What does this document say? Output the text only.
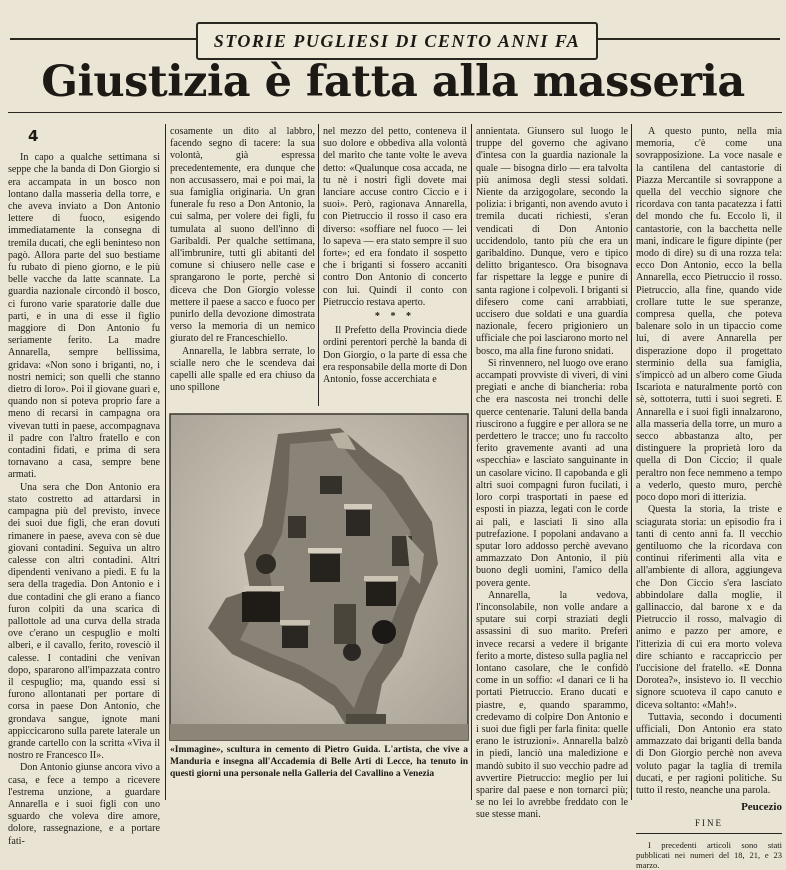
STORIE PUGLIESI DI CENTO ANNI FA
Giustizia è fatta alla masseria

4

In capo a qualche settimana si seppe che la banda di Don Giorgio si era accampata in un bosco non lontano dalla masseria della torre, e che aveva inviato a Don Antonio lettere di fuoco, esigendo immediatamente la consegna di tremila ducati, che egli beninteso non pagò. Allora parte del suo bestiame fu rubato di pieno giorno, e le più belle vacche da latte scannate. La guardia nazionale circondò il bosco, ci furono varie sparatorie dalle due parti, e in una di esse il figlio maggiore di Don Antonio fu seriamente ferito. La madre Annarella, sempre bellissima, gridava: «Non sono i briganti, no, i nostri nemici; son quelli che stanno dietro di loro». Poi il giovane guarì e, quando non si poteva proprio fare a meno di recarsi in campagna ora vivevan tutti in paese, accompagnava il padre con l'altro fratello e con contadini fidati, e prima di sera tornavano a casa, sempre bene armati.

Una sera che Don Antonio era stato costretto ad attardarsi in campagna più del previsto, invece dei suoi due figli, che eran dovuti rimanere in paese, aveva con sè due giovani contadini. Seguiva un altro calesse con altri contadini. Altri dipendenti venivano a piedi. E fu la sera della tragedia. Don Antonio e i due contadini che gli erano a fianco furon colpiti da una scarica di pallottole ad una curva della strada ove c'erano un cespuglio e molti alberi, e il cavallo, ferito, rovesciò il calesse. I contadini che venivan dopo, spararono all'impazzata contro il cespuglio; ma, quando essi si furono allontanati per portare di corsa in paese Don Antonio, che grondava sangue, ignote mani appiccicarono sulla parete laterale un grande cartello con la scritta «Viva il nostro re Francesco II».

Don Antonio giunse ancora vivo a casa, e fece a tempo a ricevere l'estrema unzione, a guardare Annarella e i suoi figli con uno sguardo che voleva dire amore, dolore, rassegnazione, e a portare fati-

cosamente un dito al labbro, facendo segno di tacere: la sua volontà, già espressa precedentemente, era dunque che non accusassero, mai e poi mai, la sua famiglia originaria. Un gran funerale fu reso a Don Antonio, la cui salma, per volere dei figli, fu tumulata al suono dell'inno di Garibaldi. Per qualche settimana, all'imbrunire, tutti gli abitanti del comune si chiusero nelle case e sprangarono le porte, perchè si diceva che Don Giorgio volesse mettere il paese a sacco e fuoco per punirlo della devozione dimostrata verso la memoria di un nemico giurato del re Franceschiello.

Annarella, le labbra serrate, lo scialle nero che le scendeva dai capelli alle spalle ed era chiuso da uno spillone

nel mezzo del petto, conteneva il suo dolore e obbediva alla volontà del marito che tante volte le aveva detto: «Qualunque cosa accada, ne tu nè i nostri figli dovete mai lanciare accuse contro Ciccio e i suoi». Però, ragionava Annarella, con Pietruccio il rosso il caso era diverso: «soffiare nel fuoco — lei lo sapeva — era stato sempre il suo forte»; ed era fondato il sospetto che i briganti si fossero accaniti contro Don Antonio di concerto con lui. Quindi il conto con Pietruccio restava aperto.

* * *

Il Prefetto della Provincia diede ordini perentori perchè la banda di Don Giorgio, o la parte di essa che era responsabile della morte di Don Antonio, fosse accerchiata e

«Immagine», scultura in cemento di Pietro Guida. L'artista, che vive a Manduria e insegna all'Accademia di Belle Arti di Lecce, ha tenuto in questi giorni una personale nella Galleria del Cavallino a Venezia

annientata. Giunsero sul luogo le truppe del governo che agivano d'intesa con la guardia nazionale la quale — bisogna dirlo — era talvolta più animosa degli stessi soldati. Niente da arzigogolare, secondo la polizia: i briganti, non avendo avuto i tremila ducati richiesti, s'eran vendicati di Don Antonio uccidendolo, tanto più che era un garibaldino. Dunque, vero e tipico delitto brigantesco. Ora bisognava far rispettare la legge e punire di santa ragione i colpevoli. I briganti si difesero come cani arrabbiati, uccisero due soldati e una guardia nazionale, fecero prigioniero un ufficiale che poi lasciarono morto nel bosco, ma alla fine furono snidati.

Si rinvennero, nel luogo ove erano accampati provviste di viveri, di vini pregiati e anche di biancheria: roba che era nascosta nei tronchi delle querce centenarie. Taluni della banda riuscirono a fuggire e per allora se ne perdettero le tracce; uno fu raccolto ferito gravemente avanti ad una «specchia» e lasciato sanguinante in un casolare vicino. Il capobanda e gli altri suoi compagni furon fucilati, i loro corpi trasportati in paese ed esposti in piazza, legati con le corde ai pali, e lasciati lì sino alla putrefazione. I popolani andavano a sputar loro addosso perchè avevano ammazzato Don Antonio, il più buono degli uomini, l'amico della povera gente.

Annarella, la vedova, l'inconsolabile, non volle andare a sputare sui corpi straziati degli assassini di suo marito. Preferì invece recarsi a vedere il brigante ferito a morte, disteso sulla paglia nel lontano casolare, che le confidò come in un soffio: «I danari ce li ha portati Pietruccio. Erano ducati e piastre, e, quando sparammo, credevamo di colpire Don Antonio e i suoi due figli per farla finita: quelle erano le istruzioni». Annarella balzò in piedi, lanciò una maledizione e mandò subito il suo vecchio padre ad avvertire Pietruccio: meglio per lui sparire dal paese e non tornarci più; se no lei lo avrebbe freddato con le sue stesse mani.

A questo punto, nella mia memoria, c'è come una sovrapposizione. La voce nasale e la cantilena del cantastorie di Piazza Mercantile si sovrappone a quella del vecchio signore che ricordava con tanta pacatezza i fatti del mondo che fu. Eccolo lì, il cantastorie, con la bacchetta nelle mani, indicare le figure dipinte (per modo di dire) su di una rozza tela: ecco Don Antonio, ecco la bella Annarella, ecco Pietruccio il rosso. Pietruccio, alla fine, quando vide crollare tutte le sue speranze, compresa quella, che poteva balenare solo in un tipaccio come lui, di avere Annarella per disperazione dopo il progettato sterminio della sua famiglia, s'impiccò ad un albero come Giuda Iscariota e naturalmente portò con sè, sottoterra, tutti i suoi segreti. E Annarella e i suoi figli innalzarono, alla masseria della torre, un muro a secco abbastanza alto, per distinguere la proprietà loro da quella di Don Ciccio; il quale peraltro non fece nemmeno a tempo a vederlo, questo muro, perchè poco dopo morì di itterizia.

Questa la storia, la triste e sciagurata storia: un episodio fra i tanti di cento anni fa. Il vecchio gentiluomo che la ricordava con continui riferimenti alla vita e all'ambiente di allora, aggiungeva che Don Ciccio s'era lasciato abbindolare dalla moglie, il gallinaccio, dal barone x e da Pietruccio il rosso, malvagio di animo e pazzo per amore, e l'itterizia di cui era morto voleva dire schianto e raccapriccio per l'uccisione del fratello. «E Donna Dorotea?», insistevo io. Il vecchio signore scuoteva il capo canuto e diceva soltanto: «Mah!».

Tuttavia, secondo i documenti ufficiali, Don Antonio era stato ammazzato dai briganti della banda di Don Giorgio perchè non aveva voluto pagar la taglia di tremila ducati, e per ragioni politiche. Su tutto il resto, neanche una parola.

Peucezio

FINE

I precedenti articoli sono stati pubblicati nei numeri del 18, 21, e 23 marzo.
